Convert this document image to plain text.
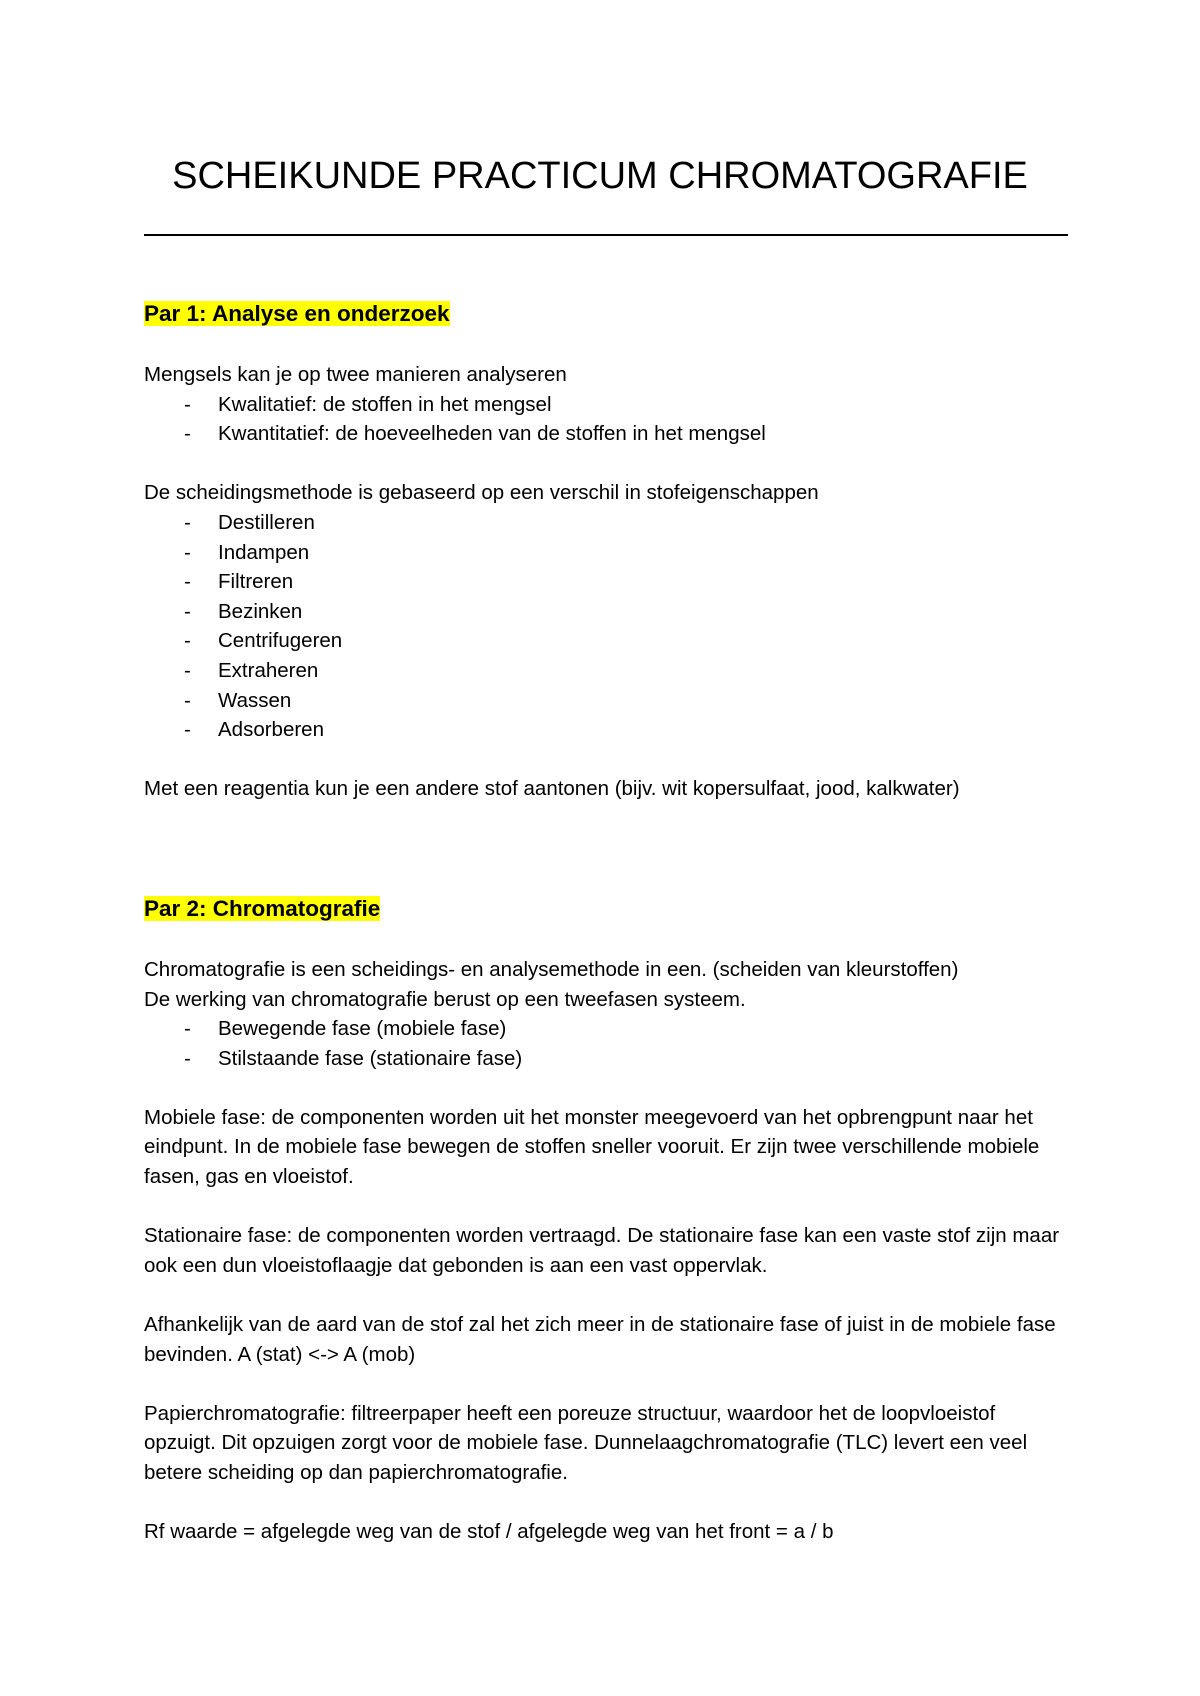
SCHEIKUNDE PRACTICUM CHROMATOGRAFIE
Par 1: Analyse en onderzoek

Mengsels kan je op twee manieren analyseren

- Kwalitatief: de stoffen in het mengsel
- Kwantitatief: de hoeveelheden van de stoffen in het mengsel

De scheidingsmethode is gebaseerd op een verschil in stofeigenschappen

- Destilleren
- Indampen
- Filtreren
- Bezinken
- Centrifugeren
- Extraheren
- Wassen
- Adsorberen

Met een reagentia kun je een andere stof aantonen (bijv. wit kopersulfaat, jood, kalkwater)

Par 2: Chromatografie

Chromatografie is een scheidings- en analysemethode in een. (scheiden van kleurstoffen)

De werking van chromatografie berust op een tweefasen systeem.

- Bewegende fase (mobiele fase)
- Stilstaande fase (stationaire fase)

Mobiele fase: de componenten worden uit het monster meegevoerd van het opbrengpunt naar het eindpunt. In de mobiele fase bewegen de stoffen sneller vooruit. Er zijn twee verschillende mobiele fasen, gas en vloeistof.

Stationaire fase: de componenten worden vertraagd. De stationaire fase kan een vaste stof zijn maar ook een dun vloeistoflaagje dat gebonden is aan een vast oppervlak.

Afhankelijk van de aard van de stof zal het zich meer in de stationaire fase of juist in de mobiele fase bevinden. A (stat) <-> A (mob)

Papierchromatografie: filtreerpaper heeft een poreuze structuur, waardoor het de loopvloeistof opzuigt. Dit opzuigen zorgt voor de mobiele fase. Dunnelaagchromatografie (TLC) levert een veel betere scheiding op dan papierchromatografie.

Rf waarde = afgelegde weg van de stof / afgelegde weg van het front = a / b
